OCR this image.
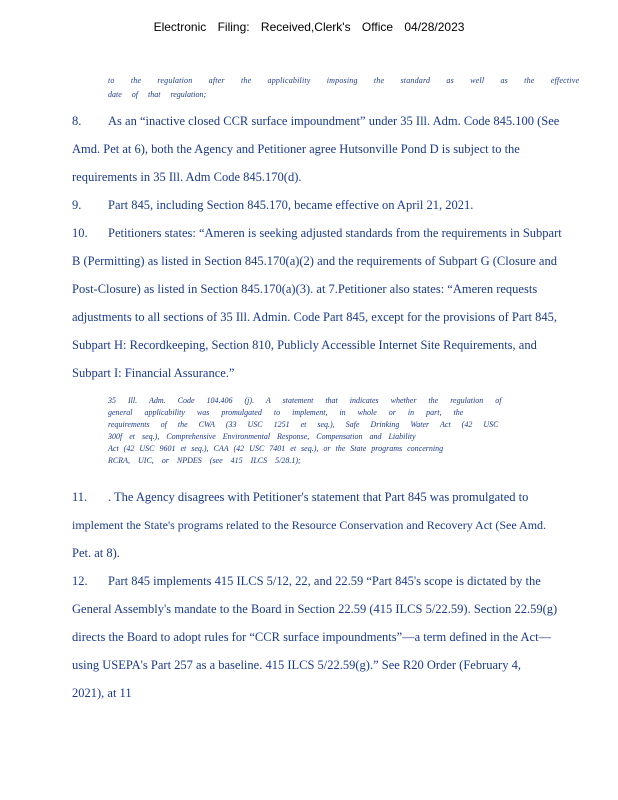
Electronic Filing: Received,Clerk's Office 04/28/2023
to the regulation after the applicability imposing the standard as well as the effective
date of that regulation;
8. As an “inactive closed CCR surface impoundment” under 35 Ill. Adm. Code 845.100 (See
Amd. Pet at 6), both the Agency and Petitioner agree Hutsonville Pond D is subject to the
requirements in 35 Ill. Adm Code 845.170(d).
9. Part 845, including Section 845.170, became effective on April 21, 2021.
10. Petitioners states: “Ameren is seeking adjusted standards from the requirements in Subpart
B (Permitting) as listed in Section 845.170(a)(2) and the requirements of Subpart G (Closure and
Post-Closure) as listed in Section 845.170(a)(3). at 7.Petitioner also states: “Ameren requests
adjustments to all sections of 35 Ill. Admin. Code Part 845, except for the provisions of Part 845,
Subpart H: Recordkeeping, Section 810, Publicly Accessible Internet Site Requirements, and
Subpart I: Financial Assurance.”
35 Ill. Adm. Code 104.406 (j). A statement that indicates whether the regulation of
general applicability was promulgated to implement, in whole or in part, the
requirements of the CWA (33 USC 1251 et seq.), Safe Drinking Water Act (42 USC
300f et seq.), Comprehensive Environmental Response, Compensation and Liability
Act (42 USC 9601 et seq.), CAA (42 USC 7401 et seq.), or the State programs concerning
RCRA, UIC, or NPDES (see 415 ILCS 5/28.1);
11. . The Agency disagrees with Petitioner's statement that Part 845 was promulgated to
implement the State's programs related to the Resource Conservation and Recovery Act (See Amd.
Pet. at 8).
12. Part 845 implements 415 ILCS 5/12, 22, and 22.59 “Part 845's scope is dictated by the
General Assembly's mandate to the Board in Section 22.59 (415 ILCS 5/22.59). Section 22.59(g)
directs the Board to adopt rules for “CCR surface impoundments”—a term defined in the Act—
using USEPA's Part 257 as a baseline. 415 ILCS 5/22.59(g).” See R20 Order (February 4,
2021), at 11
